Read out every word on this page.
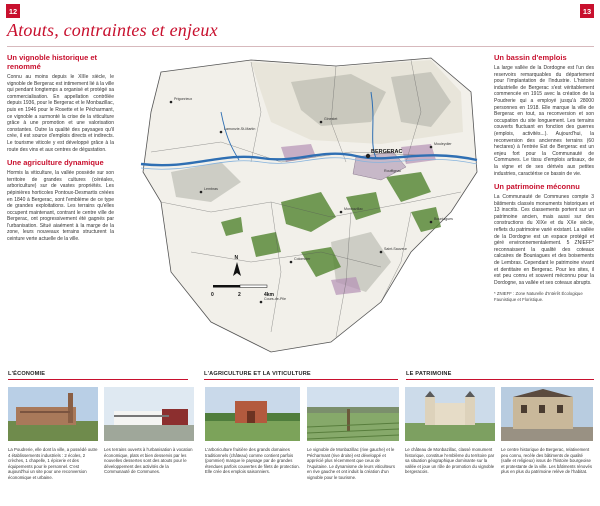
12	13
Atouts, contraintes et enjeux
Un vignoble historique et renommé

Connu au moins depuis le XIIIe siècle, le vignoble de Bergerac est intimement lié à la ville qui pendant longtemps a organisé et protégé sa commercialisation. En appellation contrôlée depuis 1936, pour le Bergerac et le Monbazillac, puis en 1946 pour le Rosette et le Pécharmant, ce vignoble a surmonté la crise de la viticulture grâce à une promotion et une valorisation constantes. Outre la qualité des paysages qu'il crée, il est source d'emplois directs et indirects. Le tourisme viticole y est développé grâce à la route des vins et aux centres de dégustation.

Une agriculture dynamique

Hormis la viticulture, la vallée possède sur son territoire de grandes cultures (céréales, arboriculture) sur de vastes propriétés. Les pépinières horticoles Pontoux-Desmartis créées en 1840 à Bergerac, sont l'emblème de ce type de grandes exploitations. Les terrains qu'elles occupent maintenant, contrant le centre ville de Bergerac, ont progressivement été gagnés par l'urbanisation. Situé aiaément à la marge de la zone, leurs nouveaux terrains structurent la ceinture verte actuelle de la ville.

BERGERAC
Ginestet
Lamonzie-St-Martin
Prigonrieux
Mouleydier
Monbazillac
Colombier
Saint-Sauveur
Lembras
Bouniagues
Cours-de-Pile
Rouffignac
N
0	2	4km
Un bassin d'emplois

La large vallée de la Dordogne est l'un des reservoirs remarquables du département pour l'implantation de l'industrie. L'histoire industrielle de Bergerac s'est véritablement commencée en 1915 avec la création de la Poudrerie qui a employé jusqu'à 28000 personnes en 1918. Elle marque la ville de Bergerac en tout, sa reconversion et son occupation du site longuement. Les terrains couverts fluctuant en fonction des guerres (emplois, activités...). Aujourd'hui, la reconversion des anciennes terrains (60 hectares) à l'entrée Est de Bergerac est un enjeu fort pour la Communauté de Communes. Le tissu d'emplois artisaux, de la vigne et de ses dérivés aux petites industries, caractérise ce bassin de vie.

Un patrimoine méconnu

La Communauté de Communes compte 3 bâtiments classés monuments historiques et 13 inscrits. Ces classements portent sur un patrimoine ancien, mais aussi sur des constructions du XIXe et du XXe siècle, reflets du patrimoine varié existant. La vallée de la Dordogne est un espace protégé et géré environnementalement. 5 ZNIEFF* reconnaissent la qualité des coteaux calcaires de Bouniagues et des boisements de Lembras. Cependant le patrimoine vivant et dentitaire en Bergerac. Pour les sites, il est peu connu et souvent méconnu pour la Dordogne, sa vallée et ses coteaux abrupts.

* ZNIEFF : Zone Naturelle d'Intérêt Écologique Faunistique et Floristique.
L'ÉCONOMIE	L'AGRICULTURE ET LA VITICULTURE	LE PATRIMOINE
La Poudrerie, elle dont la ville, a possédé outre 4 établissements industriels : 2 écoles, 2 crèches, 1 chapelle, 1 épicerie et des équipements pour le personnel. C'est aujourd'hui un site pour une reconversion économique et urbaine.
Les terrains ouverts à l'urbanisation à vocation économique, plats et bien desservis par les nouvelles dessertes sont des atouts pour le développement des activités de la Communauté de Communes.
L'arboriculture fruitière des grands domaines traditionnels (château) comme contient parfois (pommier) marque le paysage par de grandes étendues parfois couvertes de filets de protection. Elle crée des emplois saisonniers.
Le vignoble de Monbazillac (rive gauche) et le Pécharmant (rive droite) est développé et apprécié plus récemment que ceux de l'Aquitaine. Le dynamisme de leurs viticulteurs en rive gauche et ont induit la création d'un vignoble pour le tourisme.
Le château de Monbazillac, classé monument historique, constitue l'emblème du territoire par sa situation géographique dominante sur la vallée et joue un rôle de promotion du vignoble bergeracois.
Le centre historique de Bergerac, relativement peu connu, recèle des bâtiments de qualité (salle et religieux) issus de l'histoire bourgeoise et protestante de la ville. Les bâtiments rénovés plus en plus du patrimoine relève de l'habitat.
